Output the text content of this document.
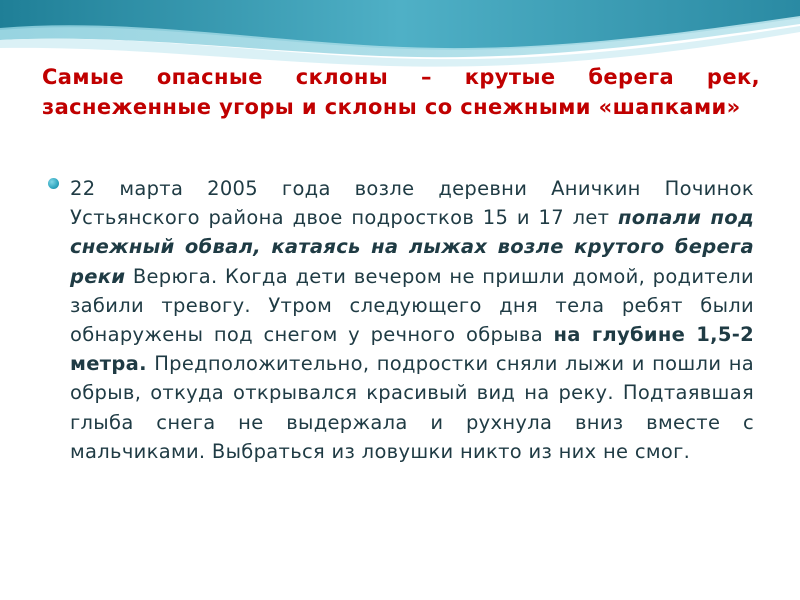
Самые опасные склоны – крутые берега рек, заснеженные угоры и склоны со снежными «шапками»

22 марта 2005 года возле деревни Аничкин Починок Устьянского района двое подростков 15 и 17 лет попали под снежный обвал, катаясь на лыжах возле крутого берега реки Верюга. Когда дети вечером не пришли домой, родители забили тревогу. Утром следующего дня тела ребят были обнаружены под снегом у речного обрыва на глубине 1,5-2 метра. Предположительно, подростки сняли лыжи и пошли на обрыв, откуда открывался красивый вид на реку. Подтаявшая глыба снега не выдержала и рухнула вниз вместе с мальчиками. Выбраться из ловушки никто из них не смог.
